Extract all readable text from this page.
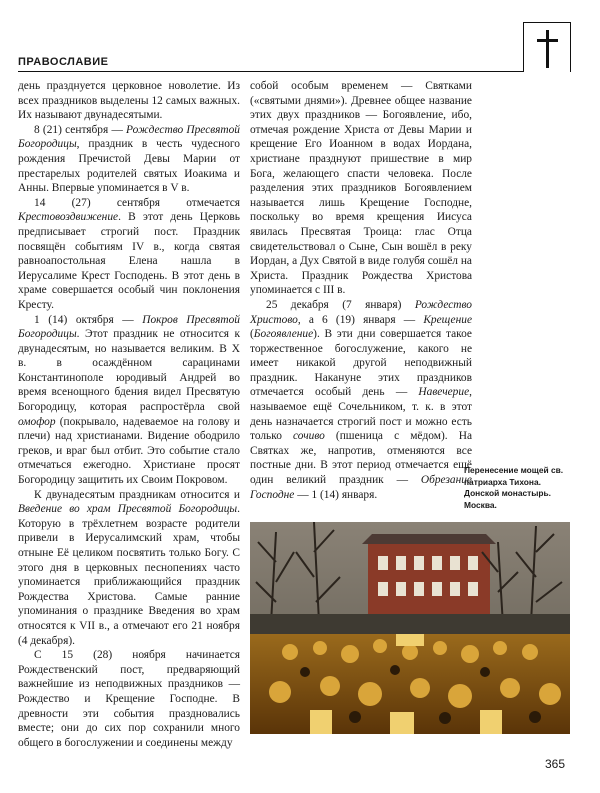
ПРАВОСЛАВИЕ

день празднуется церковное новолетие. Из всех праздников выделены 12 самых важных. Их называют двунадесятыми.

8 (21) сентября — Рождество Пресвятой Богородицы, праздник в честь чудесного рождения Пречистой Девы Марии от престарелых родителей святых Иоакима и Анны. Впервые упоминается в V в.

14 (27) сентября отмечается Крестовоздвижение. В этот день Церковь предписывает строгий пост. Праздник посвящён событиям IV в., когда святая равноапостольная Елена нашла в Иерусалиме Крест Господень. В этот день в храме совершается особый чин поклонения Кресту.

1 (14) октября — Покров Пресвятой Богородицы. Этот праздник не относится к двунадесятым, но называется великим. В X в. в осаждённом сарацинами Константинополе юродивый Андрей во время всенощного бдения видел Пресвятую Богородицу, которая распростёрла свой омофор (покрывало, надеваемое на голову и плечи) над христианами. Видение ободрило греков, и враг был отбит. Это событие стало отмечаться ежегодно. Христиане просят Богородицу защитить их Своим Покровом.

К двунадесятым праздникам относится и Введение во храм Пресвятой Богородицы. Которую в трёхлетнем возрасте родители привели в Иерусалимский храм, чтобы отныне Её целиком посвятить только Богу. С этого дня в церковных песнопениях часто упоминается приближающийся праздник Рождества Христова. Самые ранние упоминания о празднике Введения во храм относятся к VII в., а отмечают его 21 ноября (4 декабря).

С 15 (28) ноября начинается Рождественский пост, предваряющий важнейшие из неподвижных праздников — Рождество и Крещение Господне. В древности эти события праздновались вместе; они до сих пор сохранили много общего в богослужении и соединены между

собой особым временем — Святками («святыми днями»). Древнее общее название этих двух праздников — Богоявление, ибо, отмечая рождение Христа от Девы Марии и крещение Его Иоанном в водах Иордана, христиане празднуют пришествие в мир Бога, желающего спасти человека. После разделения этих праздников Богоявлением называется лишь Крещение Господне, поскольку во время крещения Иисуса явилась Пресвятая Троица: глас Отца свидетельствовал о Сыне, Сын вошёл в реку Иордан, а Дух Святой в виде голубя сошёл на Христа. Праздник Рождества Христова упоминается с III в.

25 декабря (7 января) Рождество Христово, а 6 (19) января — Крещение (Богоявление). В эти дни совершается такое торжественное богослужение, какого не имеет никакой другой неподвижный праздник. Накануне этих праздников отмечается особый день — Навечерие, называемое ещё Сочельником, т. к. в этот день назначается строгий пост и можно есть только сочиво (пшеница с мёдом). На Святках же, напротив, отменяются все постные дни. В этот период отмечается ещё один великий праздник — Обрезание Господне — 1 (14) января.

Перенесение мощей св. патриарха Тихона. Донской монастырь. Москва.
365
